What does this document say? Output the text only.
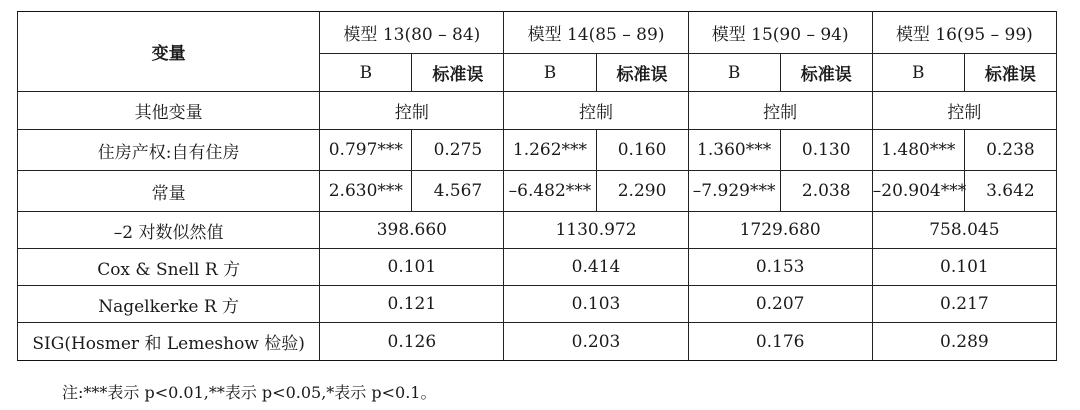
变量	模型 13(80 – 84)		模型 14(85 – 89)		模型 15(90 – 94)		模型 16(95 – 99)	
	B	标准误	B	标准误	B	标准误	B	标准误
其他变量	控制		控制		控制		控制	
住房产权:自有住房	0.797***	0.275	1.262***	0.160	1.360***	0.130	1.480***	0.238
常量	2.630***	4.567	–6.482***	2.290	–7.929***	2.038	–20.904***	3.642
–2 对数似然值	398.660		1130.972		1729.680		758.045	
Cox & Snell R 方	0.101		0.414		0.153		0.101	
Nagelkerke R 方	0.121		0.103		0.207		0.217	
SIG(Hosmer 和 Lemeshow 检验)	0.126		0.203		0.176		0.289	
注:***表示 p<0.01,**表示 p<0.05,*表示 p<0.1。
